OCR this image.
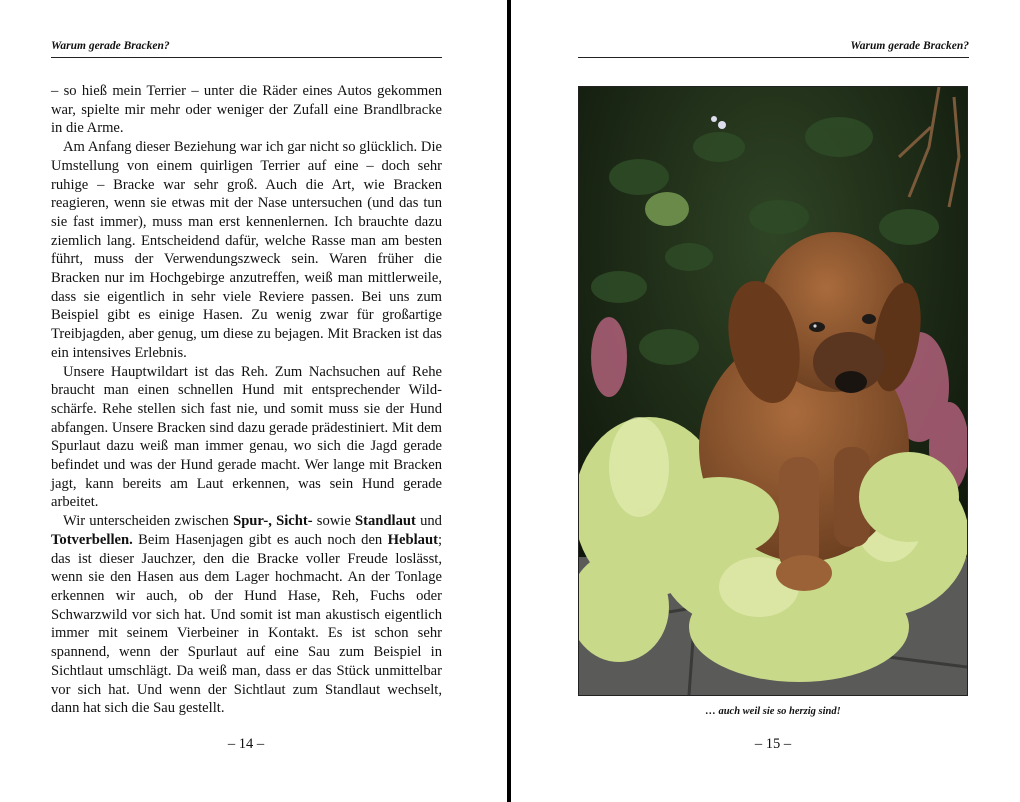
Warum gerade Bracken?

– so hieß mein Terrier – unter die Räder eines Autos gekommen war, spielte mir mehr oder weniger der Zufall eine Brandlbracke in die Arme.

Am Anfang dieser Beziehung war ich gar nicht so glücklich. Die Umstellung von einem quirligen Terrier auf eine – doch sehr ruhige – Bracke war sehr groß. Auch die Art, wie Bracken reagieren, wenn sie etwas mit der Nase untersuchen (und das tun sie fast immer), muss man erst kennenlernen. Ich brauchte dazu ziemlich lang. Entscheidend dafür, welche Rasse man am besten führt, muss der Verwendungszweck sein. Waren früher die Bracken nur im Hochgebirge anzutreffen, weiß man mittlerweile, dass sie eigentlich in sehr viele Reviere passen. Bei uns zum Beispiel gibt es einige Hasen. Zu wenig zwar für großartige Treibjagden, aber genug, um diese zu bejagen. Mit Bracken ist das ein intensives Erlebnis.

Unsere Hauptwildart ist das Reh. Zum Nachsuchen auf Rehe braucht man einen schnellen Hund mit entsprechender Wild-schärfe. Rehe stellen sich fast nie, und somit muss sie der Hund abfangen. Unsere Bracken sind dazu gerade prädestiniert. Mit dem Spurlaut dazu weiß man immer genau, wo sich die Jagd gerade befindet und was der Hund gerade macht. Wer lange mit Bracken jagt, kann bereits am Laut erkennen, was sein Hund gerade arbeitet.

Wir unterscheiden zwischen Spur-, Sicht- sowie Standlaut und Totverbellen. Beim Hasenjagen gibt es auch noch den Heblaut; das ist dieser Jauchzer, den die Bracke voller Freude loslässt, wenn sie den Hasen aus dem Lager hochmacht. An der Tonlage erkennen wir auch, ob der Hund Hase, Reh, Fuchs oder Schwarzwild vor sich hat. Und somit ist man akustisch eigentlich immer mit seinem Vierbeiner in Kontakt. Es ist schon sehr spannend, wenn der Spurlaut auf eine Sau zum Beispiel in Sichtlaut umschlägt. Da weiß man, dass er das Stück unmittelbar vor sich hat. Und wenn der Sichtlaut zum Standlaut wechselt, dann hat sich die Sau gestellt.

– 14 –
Warum gerade Bracken?
… auch weil sie so herzig sind!
– 15 –
